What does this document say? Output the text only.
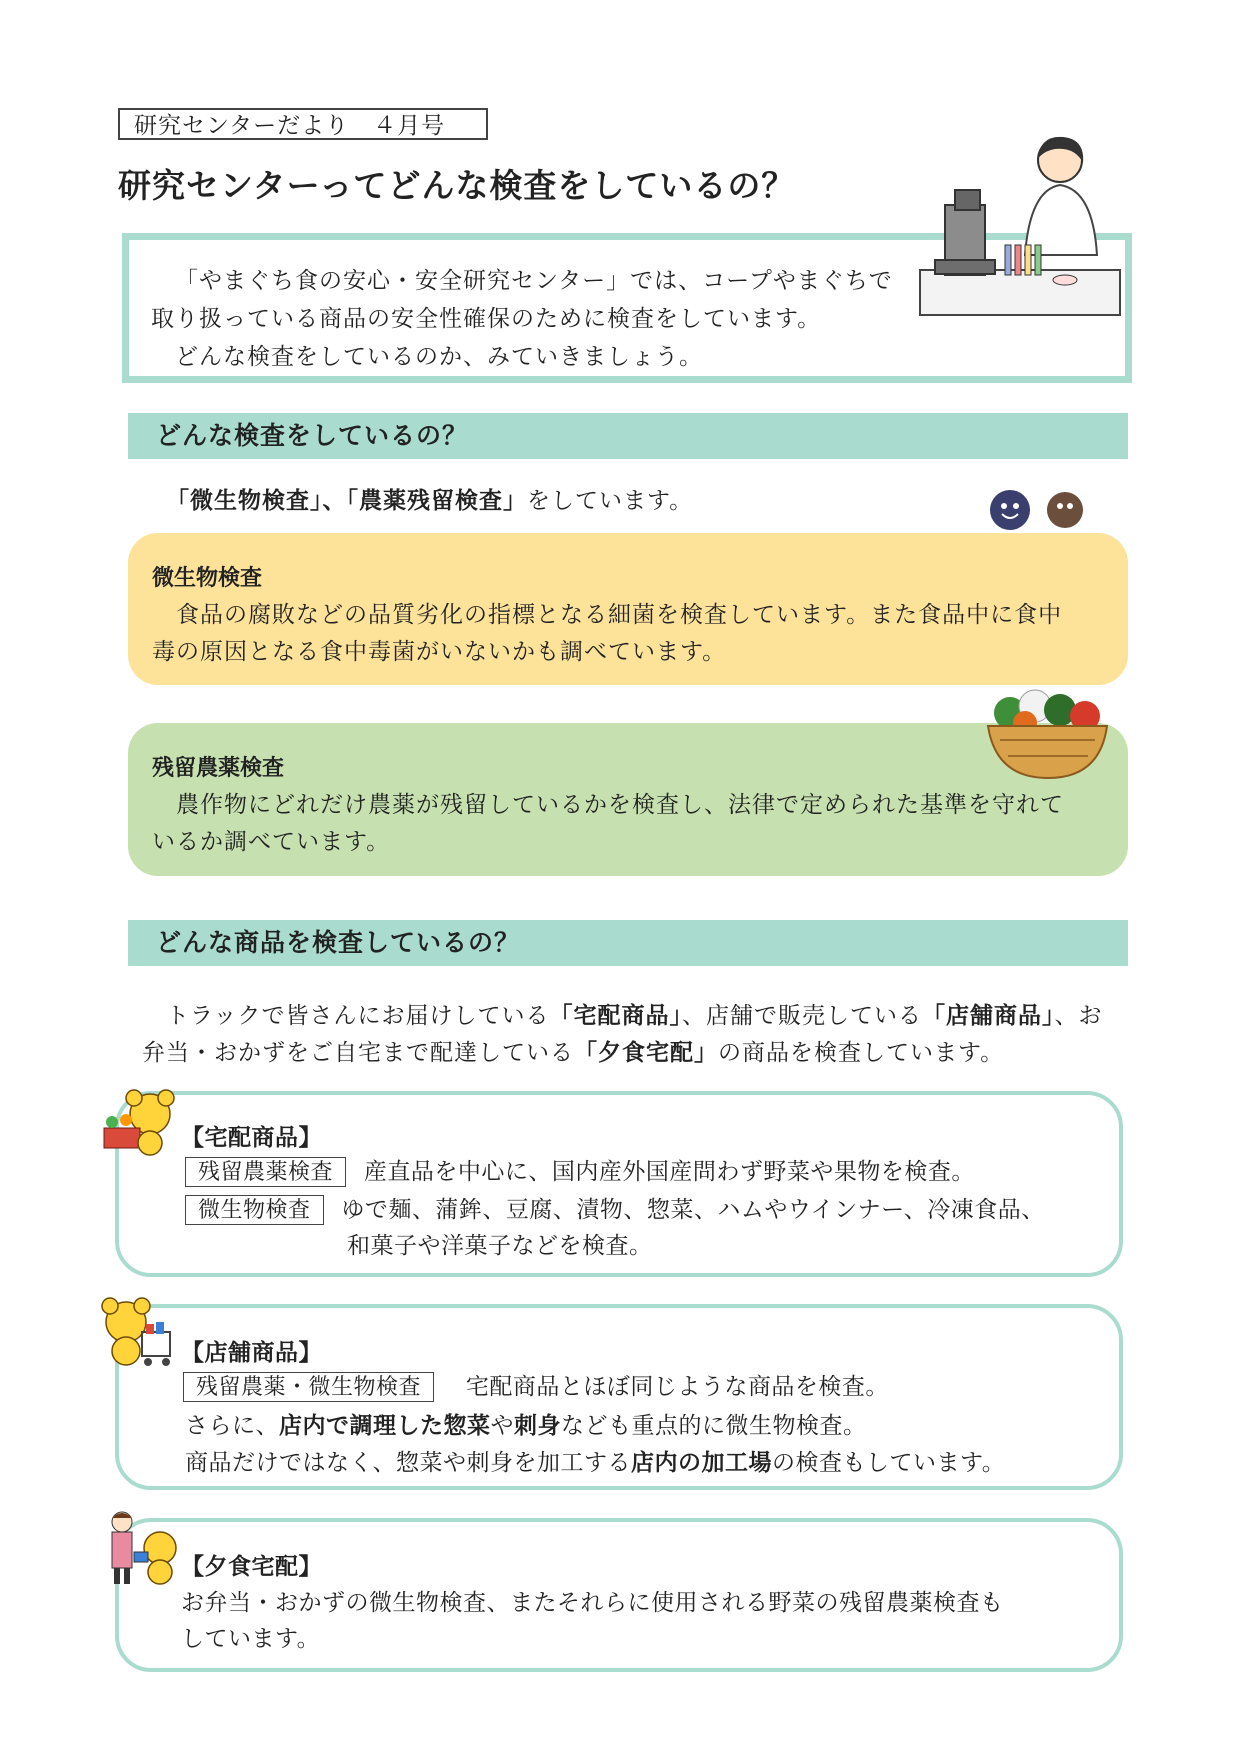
研究センターだより　４月号
研究センターってどんな検査をしているの？

「やまぐち食の安心・安全研究センター」では、コープやまぐちで

取り扱っている商品の安全性確保のために検査をしています。

どんな検査をしているのか、みていきましょう。

どんな検査をしているの？
「微生物検査」、「農薬残留検査」をしています。
微生物検査
食品の腐敗などの品質劣化の指標となる細菌を検査しています。また食品中に食中
毒の原因となる食中毒菌がいないかも調べています。
残留農薬検査
農作物にどれだけ農薬が残留しているかを検査し、法律で定められた基準を守れて
いるか調べています。
どんな商品を検査しているの？
トラックで皆さんにお届けしている「宅配商品」、店舗で販売している「店舗商品」、お
弁当・おかずをご自宅まで配達している「夕食宅配」の商品を検査しています。
【宅配商品】
残留農薬検査 産直品を中心に、国内産外国産問わず野菜や果物を検査。
微生物検査 ゆで麺、蒲鉾、豆腐、漬物、惣菜、ハムやウインナー、冷凍食品、
和菓子や洋菓子などを検査。
【店舗商品】
残留農薬・微生物検査 宅配商品とほぼ同じような商品を検査。
さらに、店内で調理した惣菜や刺身なども重点的に微生物検査。
商品だけではなく、惣菜や刺身を加工する店内の加工場の検査もしています。
【夕食宅配】
お弁当・おかずの微生物検査、またそれらに使用される野菜の残留農薬検査も
しています。
